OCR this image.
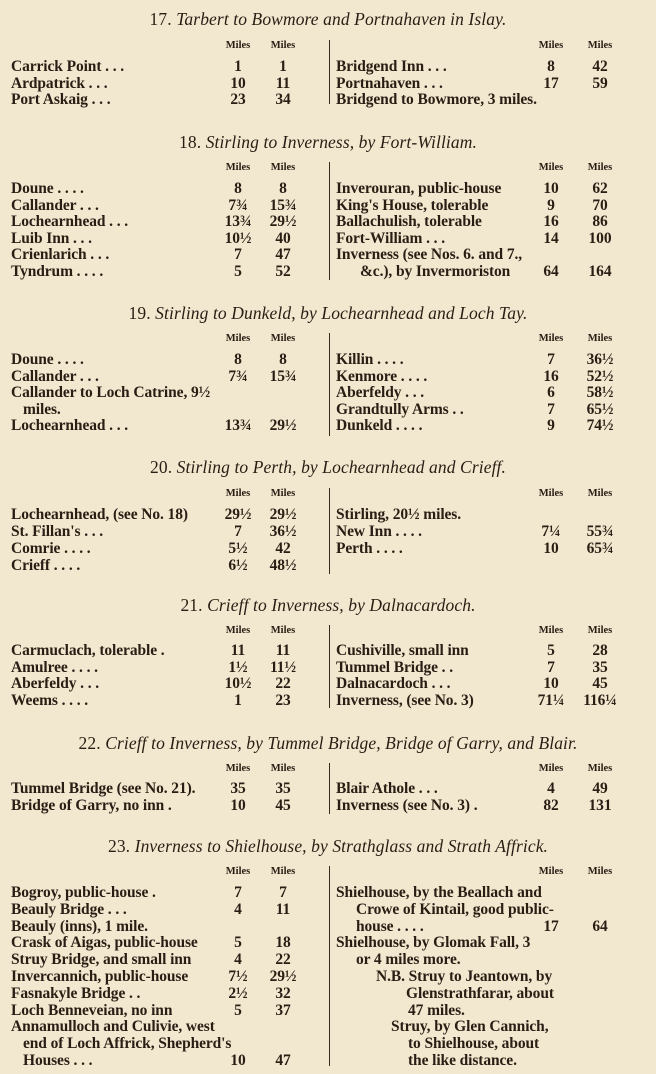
17. Tarbert to Bowmore and Portnahaven in Islay.
Miles	Miles	Miles	Miles
Carrick Point . . .	1	1
Ardpatrick . . .	10	11
Port Askaig . . .	23	34
Bridgend Inn . . .	8	42
Portnahaven . . .	17	59
Bridgend to Bowmore, 3 miles.
18. Stirling to Inverness, by Fort-William.
Miles	Miles	Miles	Miles
Doune . . . .	8	8
Callander . . .	7¾	15¾
Lochearnhead . . .	13¾	29½
Luib Inn . . .	10½	40
Crienlarich . . .	7	47
Tyndrum . . . .	5	52
Inverouran, public-house	10	62
King's House, tolerable	9	70
Ballachulish, tolerable	16	86
Fort-William . . .	14	100
Inverness (see Nos. 6. and 7.,
&c.), by Invermoriston	64	164
19. Stirling to Dunkeld, by Lochearnhead and Loch Tay.
Miles	Miles	Miles	Miles
Doune . . . .	8	8
Callander . . .	7¾	15¾
Callander to Loch Catrine, 9½
miles.
Lochearnhead . . .	13¾	29½
Killin . . . .	7	36½
Kenmore . . . .	16	52½
Aberfeldy . . .	6	58½
Grandtully Arms . .	7	65½
Dunkeld . . . .	9	74½
20. Stirling to Perth, by Lochearnhead and Crieff.
Miles	Miles	Miles	Miles
Lochearnhead, (see No. 18)	29½	29½
St. Fillan's . . .	7	36½
Comrie . . . .	5½	42
Crieff . . . .	6½	48½
Stirling, 20½ miles.
New Inn . . . .	7¼	55¾
Perth . . . .	10	65¾
21. Crieff to Inverness, by Dalnacardoch.
Miles	Miles	Miles	Miles
Carmuclach, tolerable .	11	11
Amulree . . . .	1½	11½
Aberfeldy . . .	10½	22
Weems . . . .	1	23
Cushiville, small inn	5	28
Tummel Bridge . .	7	35
Dalnacardoch . . .	10	45
Inverness, (see No. 3)	71¼	116¼
22. Crieff to Inverness, by Tummel Bridge, Bridge of Garry, and Blair.
Miles	Miles	Miles	Miles
Tummel Bridge (see No. 21).	35	35
Bridge of Garry, no inn .	10	45
Blair Athole . . .	4	49
Inverness (see No. 3) .	82	131
23. Inverness to Shielhouse, by Strathglass and Strath Affrick.
Miles	Miles	Miles	Miles
Bogroy, public-house .	7	7
Beauly Bridge . . .	4	11
Beauly (inns), 1 mile.
Crask of Aigas, public-house	5	18
Struy Bridge, and small inn	4	22
Invercannich, public-house	7½	29½
Fasnakyle Bridge . .	2½	32
Loch Benneveian, no inn	5	37
Annamulloch and Culivie, west
end of Loch Affrick, Shepherd's
Houses . . .	10	47
Shielhouse, by the Beallach and
Crowe of Kintail, good public-
house . . . .	17	64
Shielhouse, by Glomak Fall, 3
or 4 miles more.
N.B. Struy to Jeantown, by
Glenstrathfarar, about
47 miles.
Struy, by Glen Cannich,
to Shielhouse, about
the like distance.
